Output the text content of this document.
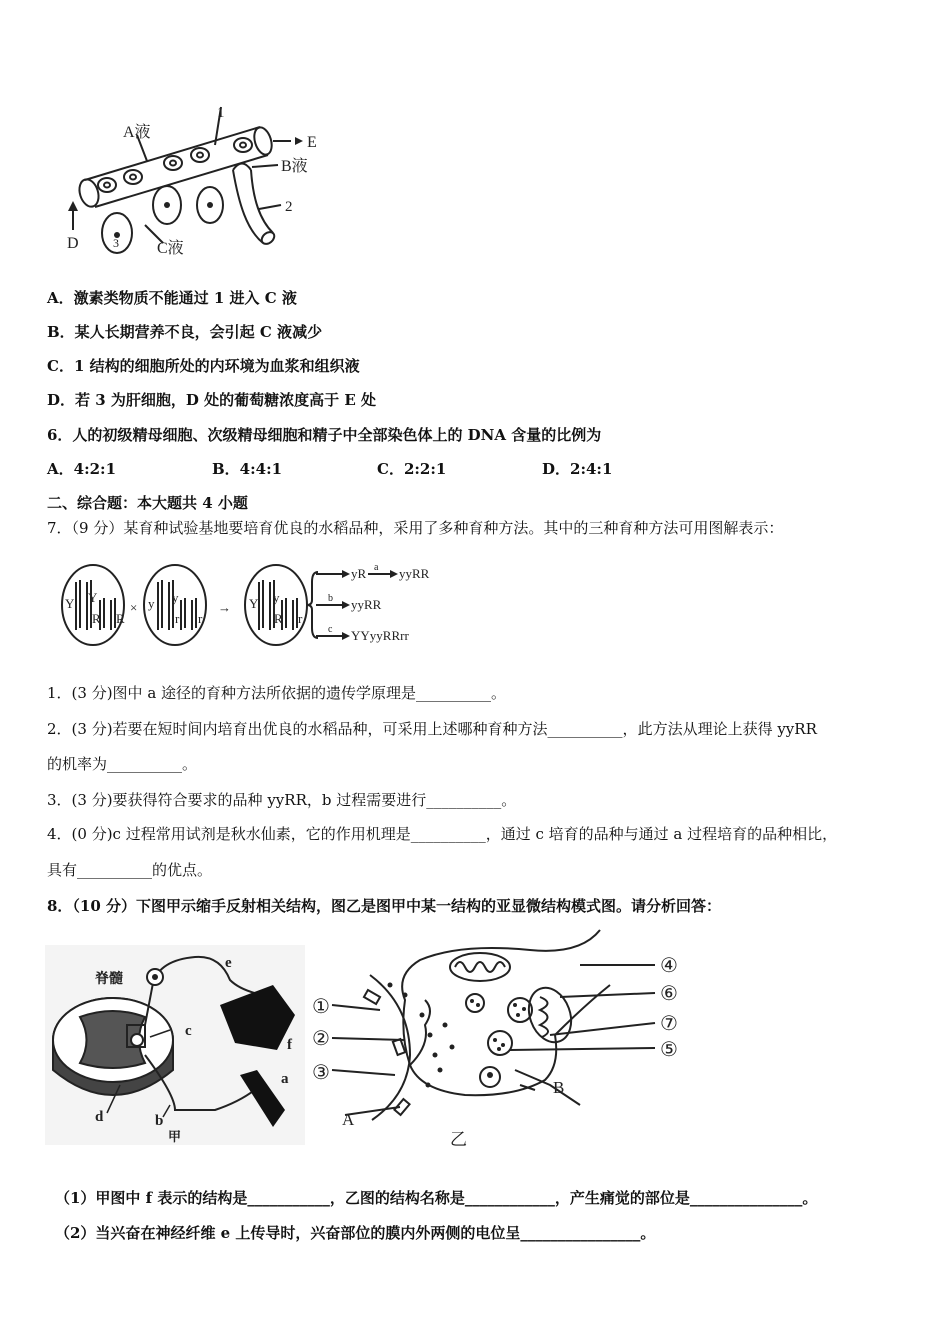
A液
1
E
B液
2
D	3 C液
A．激素类物质不能通过 1 进入 C 液
B．某人长期营养不良，会引起 C 液减少
C．1 结构的细胞所处的内环境为血浆和组织液
D．若 3 为肝细胞，D 处的葡萄糖浓度高于 E 处
6．人的初级精母细胞、次级精母细胞和精子中全部染色体上的 DNA 含量的比例为
A．4:2:1	B．4:4:1	C．2:2:1	D．2:4:1
二、综合题：本大题共 4 小题
7．（9 分）某育种试验基地要培育优良的水稻品种，采用了多种育种方法。其中的三种育种方法可用图解表示：
Y Y
R R
× y y
r r
→ Y y
R r
yR a yyRR
b yyRR
c YYyyRRrr
1．(3 分)图中 a 途径的育种方法所依据的遗传学原理是__________。
2．(3 分)若要在短时间内培育出优良的水稻品种，可采用上述哪种育种方法__________，此方法从理论上获得 yyRR
的机率为__________。
3．(3 分)要获得符合要求的品种 yyRR，b 过程需要进行__________。
4．(0 分)c 过程常用试剂是秋水仙素，它的作用机理是__________，通过 c 培育的品种与通过 a 过程培育的品种相比，
具有__________的优点。
8．（10 分）下图甲示缩手反射相关结构，图乙是图甲中某一结构的亚显微结构模式图。请分析回答：
脊髓
e
c
f
a
d	b
甲
①
②
③
A
④
⑥
⑦
⑤
B
乙
（1）甲图中 f 表示的结构是___________，乙图的结构名称是____________，产生痛觉的部位是_______________。
（2）当兴奋在神经纤维 e 上传导时，兴奋部位的膜内外两侧的电位呈________________。
